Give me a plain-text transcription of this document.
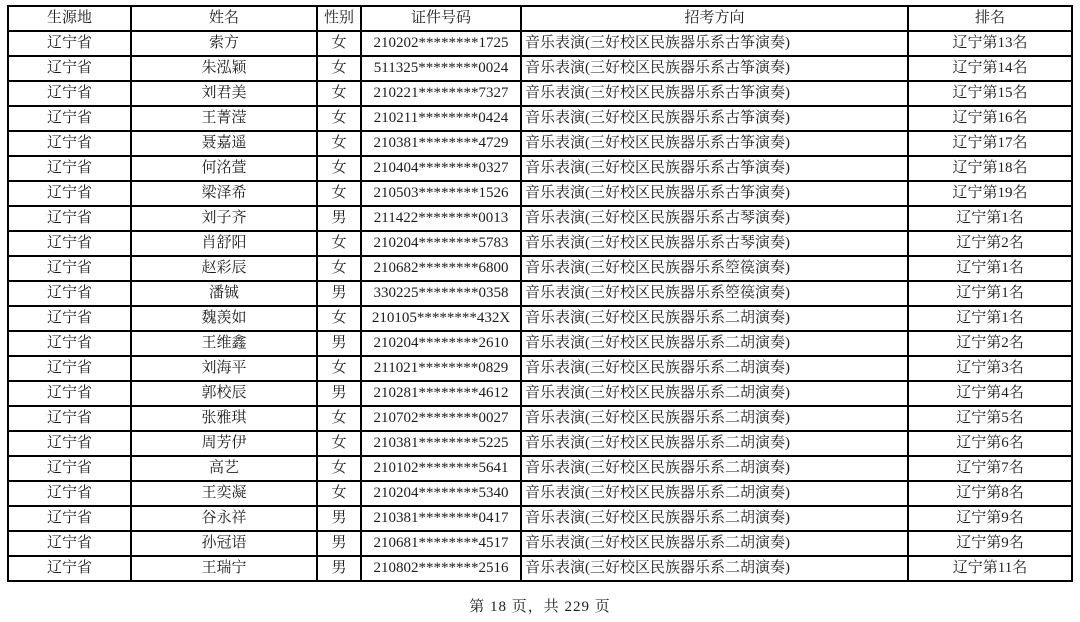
生源地	姓名	性别	证件号码	招考方向	排名
辽宁省	索方	女	210202********1725	音乐表演(三好校区民族器乐系古筝演奏)	辽宁第13名
辽宁省	朱泓颖	女	511325********0024	音乐表演(三好校区民族器乐系古筝演奏)	辽宁第14名
辽宁省	刘君美	女	210221********7327	音乐表演(三好校区民族器乐系古筝演奏)	辽宁第15名
辽宁省	王菁滢	女	210211********0424	音乐表演(三好校区民族器乐系古筝演奏)	辽宁第16名
辽宁省	聂嘉遥	女	210381********4729	音乐表演(三好校区民族器乐系古筝演奏)	辽宁第17名
辽宁省	何洺萱	女	210404********0327	音乐表演(三好校区民族器乐系古筝演奏)	辽宁第18名
辽宁省	梁泽希	女	210503********1526	音乐表演(三好校区民族器乐系古筝演奏)	辽宁第19名
辽宁省	刘子齐	男	211422********0013	音乐表演(三好校区民族器乐系古琴演奏)	辽宁第1名
辽宁省	肖舒阳	女	210204********5783	音乐表演(三好校区民族器乐系古琴演奏)	辽宁第2名
辽宁省	赵彩辰	女	210682********6800	音乐表演(三好校区民族器乐系箜篌演奏)	辽宁第1名
辽宁省	潘铖	男	330225********0358	音乐表演(三好校区民族器乐系箜篌演奏)	辽宁第1名
辽宁省	魏羡如	女	210105********432X	音乐表演(三好校区民族器乐系二胡演奏)	辽宁第1名
辽宁省	王维鑫	男	210204********2610	音乐表演(三好校区民族器乐系二胡演奏)	辽宁第2名
辽宁省	刘海平	女	211021********0829	音乐表演(三好校区民族器乐系二胡演奏)	辽宁第3名
辽宁省	郭校辰	男	210281********4612	音乐表演(三好校区民族器乐系二胡演奏)	辽宁第4名
辽宁省	张雅琪	女	210702********0027	音乐表演(三好校区民族器乐系二胡演奏)	辽宁第5名
辽宁省	周芳伊	女	210381********5225	音乐表演(三好校区民族器乐系二胡演奏)	辽宁第6名
辽宁省	高艺	女	210102********5641	音乐表演(三好校区民族器乐系二胡演奏)	辽宁第7名
辽宁省	王奕凝	女	210204********5340	音乐表演(三好校区民族器乐系二胡演奏)	辽宁第8名
辽宁省	谷永祥	男	210381********0417	音乐表演(三好校区民族器乐系二胡演奏)	辽宁第9名
辽宁省	孙冠语	男	210681********4517	音乐表演(三好校区民族器乐系二胡演奏)	辽宁第9名
辽宁省	王瑞宁	男	210802********2516	音乐表演(三好校区民族器乐系二胡演奏)	辽宁第11名
第 18 页，共 229 页
